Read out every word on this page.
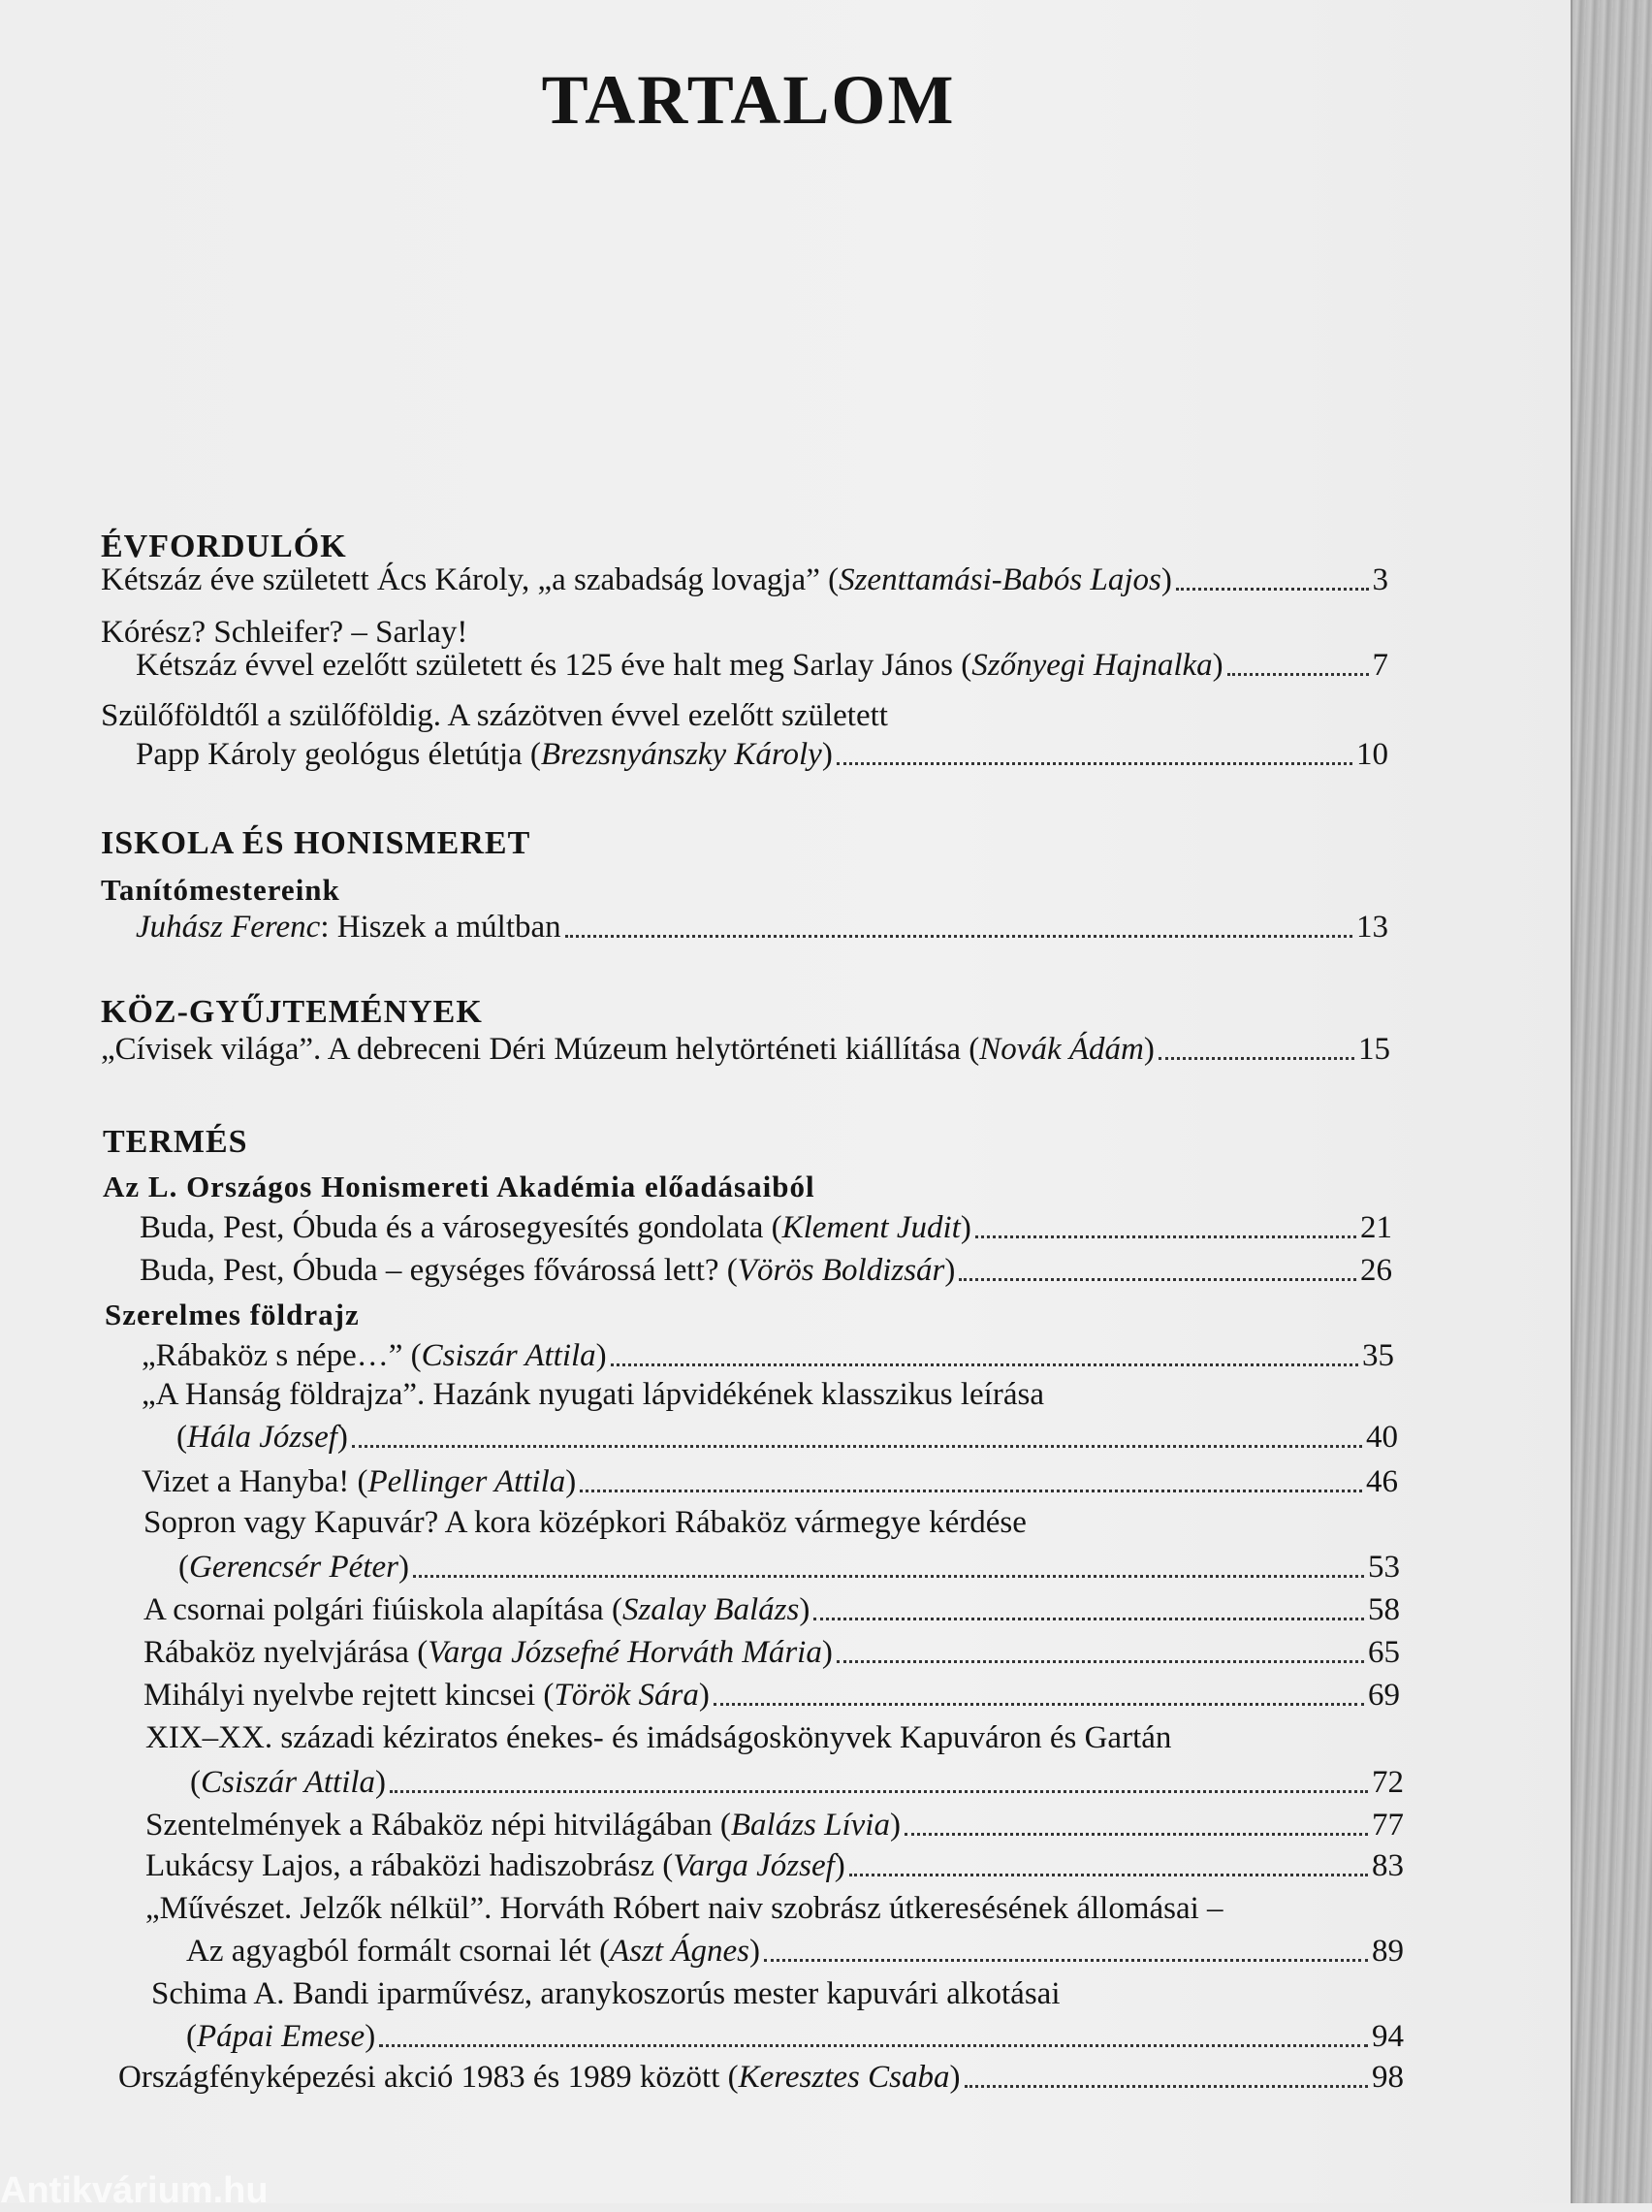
TARTALOM
ÉVFORDULÓK
Kétszáz éve született Ács Károly, „a szabadság lovagja” ( Szenttamási-Babós Lajos )	3
Kórész? Schleifer? – Sarlay!
Kétszáz évvel ezelőtt született és 125 éve halt meg Sarlay János ( Szőnyegi Hajnalka )	7
Szülőföldtől a szülőföldig. A százötven évvel ezelőtt született
Papp Károly geológus életútja ( Brezsnyánszky Károly )	10
ISKOLA ÉS HONISMERET
Tanítómestereink
Juhász Ferenc : Hiszek a múltban	13
KÖZ-GYŰJTEMÉNYEK
„Cívisek világa”. A debreceni Déri Múzeum helytörténeti kiállítása ( Novák Ádám )	15
TERMÉS
Az L. Országos Honismereti Akadémia előadásaiból
Buda, Pest, Óbuda és a városegyesítés gondolata ( Klement Judit )	21
Buda, Pest, Óbuda – egységes fővárossá lett? ( Vörös Boldizsár )	26
Szerelmes földrajz
„Rábaköz s népe…” ( Csiszár Attila )	35
„A Hanság földrajza”. Hazánk nyugati lápvidékének klasszikus leírása
( Hála József )	40
Vizet a Hanyba! ( Pellinger Attila )	46
Sopron vagy Kapuvár? A kora középkori Rábaköz vármegye kérdése
( Gerencsér Péter )	53
A csornai polgári fiúiskola alapítása ( Szalay Balázs )	58
Rábaköz nyelvjárása ( Varga Józsefné Horváth Mária )	65
Mihályi nyelvbe rejtett kincsei ( Török Sára )	69
XIX–XX. századi kéziratos énekes- és imádságoskönyvek Kapuváron és Gartán
( Csiszár Attila )	72
Szentelmények a Rábaköz népi hitvilágában ( Balázs Lívia )	77
Lukácsy Lajos, a rábaközi hadiszobrász ( Varga József )	83
„Művészet. Jelzők nélkül”. Horváth Róbert naiv szobrász útkeresésének állomásai –
Az agyagból formált csornai lét ( Aszt Ágnes )	89
Schima A. Bandi iparművész, aranykoszorús mester kapuvári alkotásai
( Pápai Emese )	94
Országfényképezési akció 1983 és 1989 között ( Keresztes Csaba )	98
Antikvárium.hu
